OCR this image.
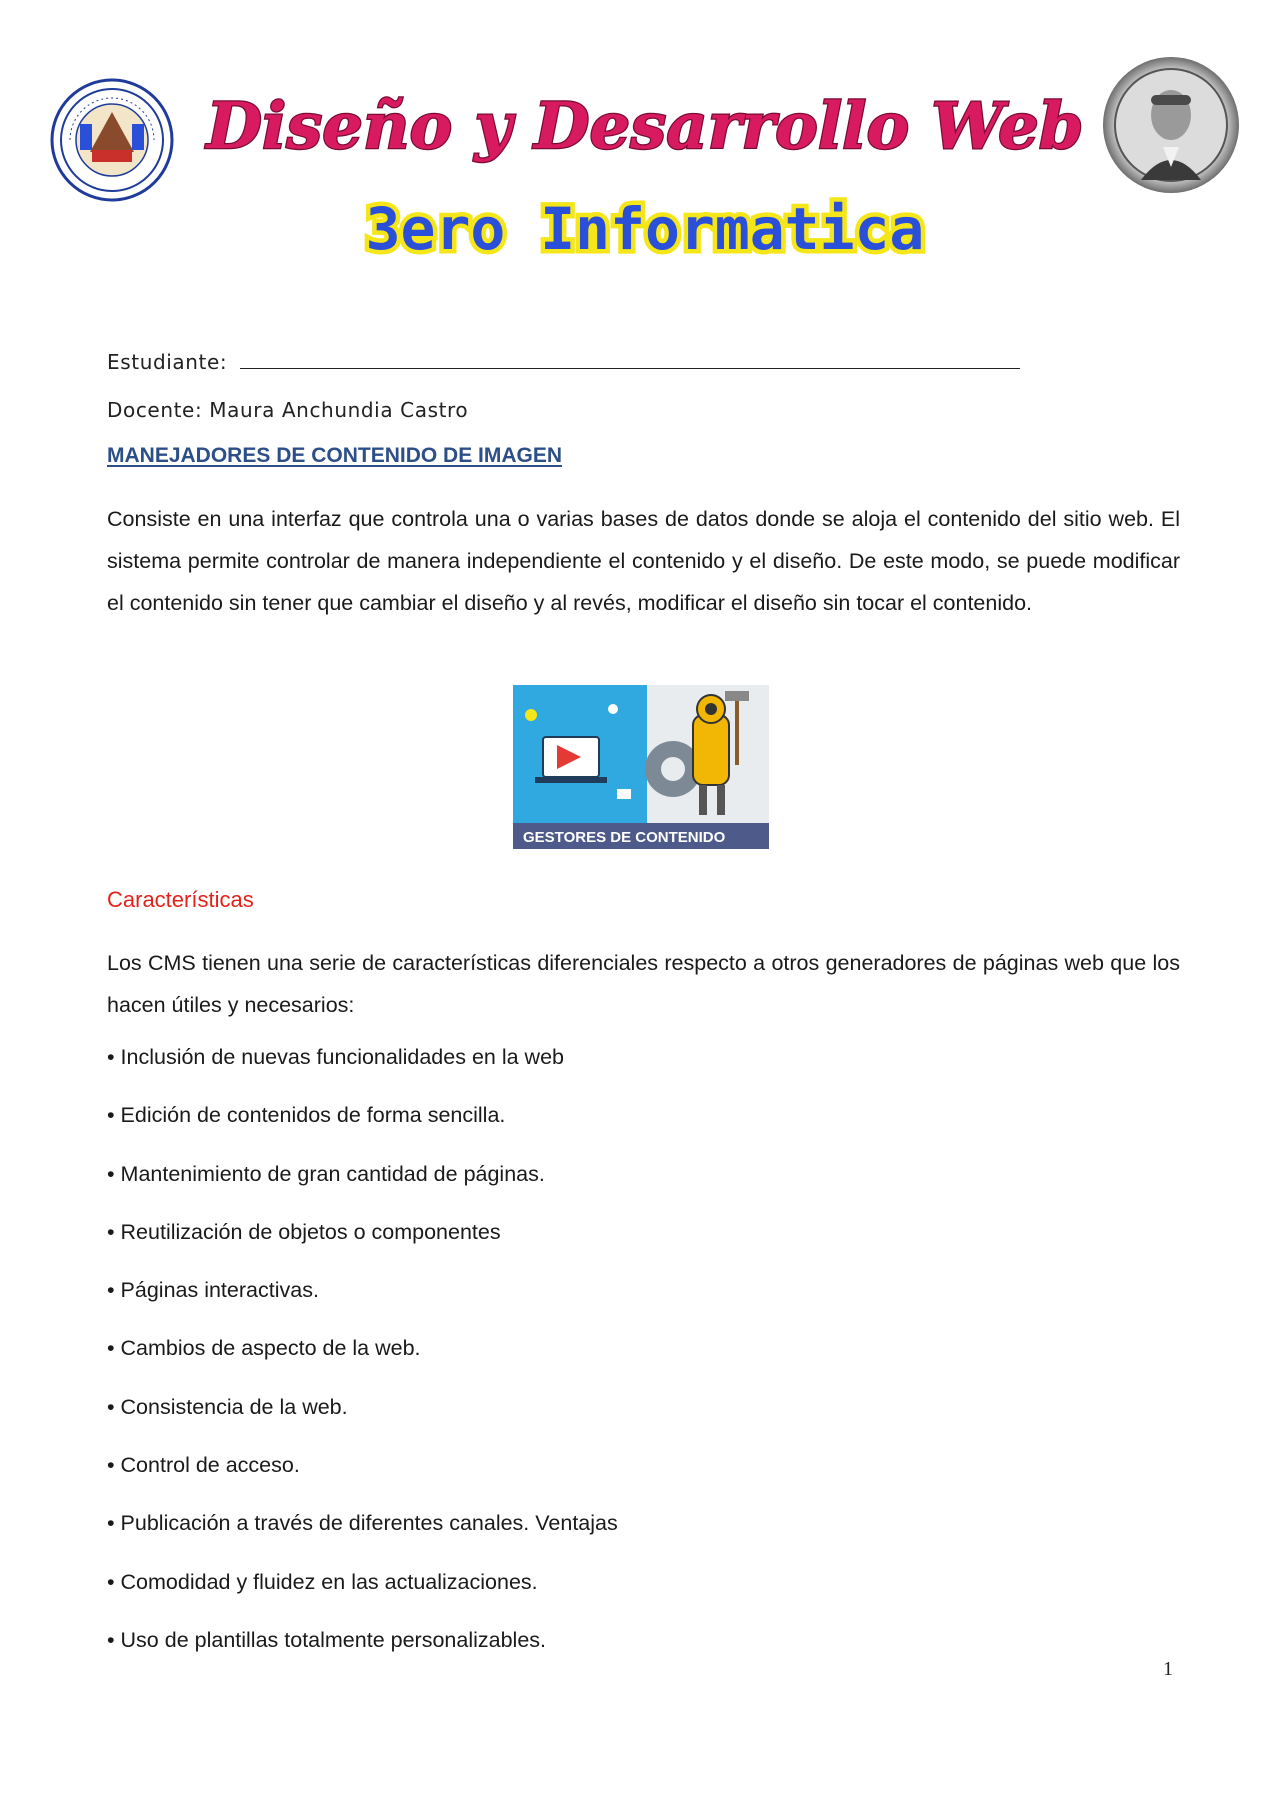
Diseño y Desarrollo Web
3ero Informatica
Estudiante:
Docente: Maura Anchundia Castro
MANEJADORES DE CONTENIDO DE IMAGEN

Consiste en una interfaz que controla una o varias bases de datos donde se aloja el contenido del sitio web. El sistema permite controlar de manera independiente el contenido y el diseño. De este modo, se puede modificar el contenido sin tener que cambiar el diseño y al revés, modificar el diseño sin tocar el contenido.

GESTORES DE CONTENIDO
Características

Los CMS tienen una serie de características diferenciales respecto a otros generadores de páginas web que los hacen útiles y necesarios:

• Inclusión de nuevas funcionalidades en la web
• Edición de contenidos de forma sencilla.
• Mantenimiento de gran cantidad de páginas.
• Reutilización de objetos o componentes
• Páginas interactivas.
• Cambios de aspecto de la web.
• Consistencia de la web.
• Control de acceso.
• Publicación a través de diferentes canales. Ventajas
• Comodidad y fluidez en las actualizaciones.
• Uso de plantillas totalmente personalizables.
1
